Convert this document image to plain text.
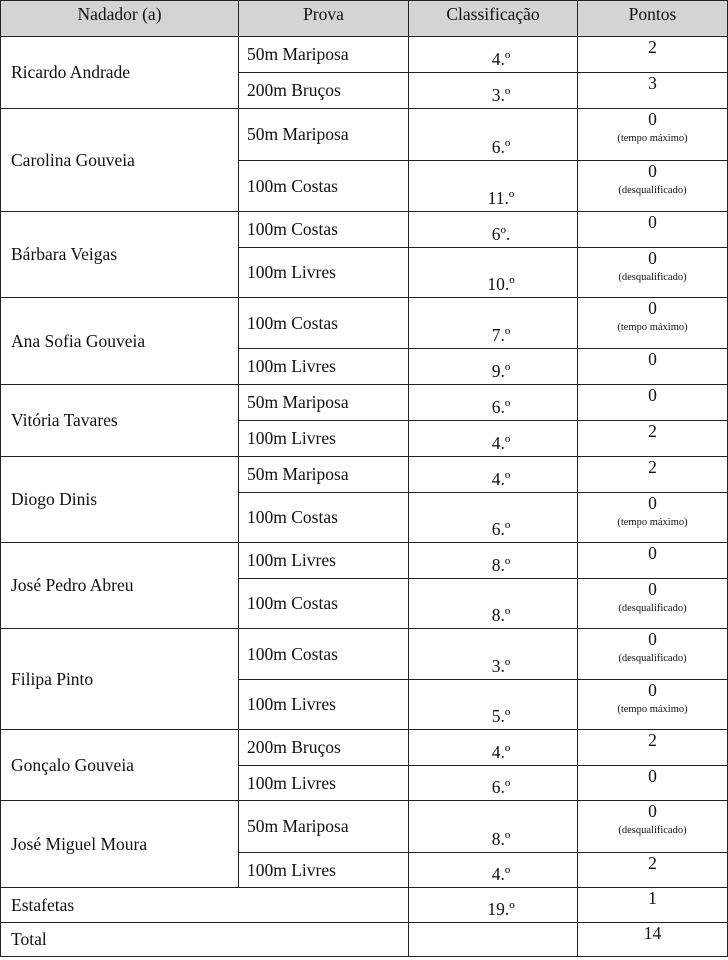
Nadador (a)	Prova	Classificação	Pontos
Ricardo Andrade	50m Mariposa	4.º	2

	200m Bruços	3.º	3

Carolina Gouveia	50m Mariposa	6.º	0
(tempo máximo)

	100m Costas	11.º	0
(desqualificado)

Bárbara Veigas	100m Costas	6º.	0

	100m Livres	10.º	0
(desqualificado)

Ana Sofia Gouveia	100m Costas	7.º	0
(tempo máximo)

	100m Livres	9.º	0

Vitória Tavares	50m Mariposa	6.º	0

	100m Livres	4.º	2

Diogo Dinis	50m Mariposa	4.º	2

	100m Costas	6.º	0
(tempo máximo)

José Pedro Abreu	100m Livres	8.º	0

	100m Costas	8.º	0
(desqualificado)

Filipa Pinto	100m Costas	3.º	0
(desqualificado)

	100m Livres	5.º	0
(tempo máximo)

Gonçalo Gouveia	200m Bruços	4.º	2

	100m Livres	6.º	0

José Miguel Moura	50m Mariposa	8.º	0
(desqualificado)

	100m Livres	4.º	2

Estafetas		19.º	1

Total			14
